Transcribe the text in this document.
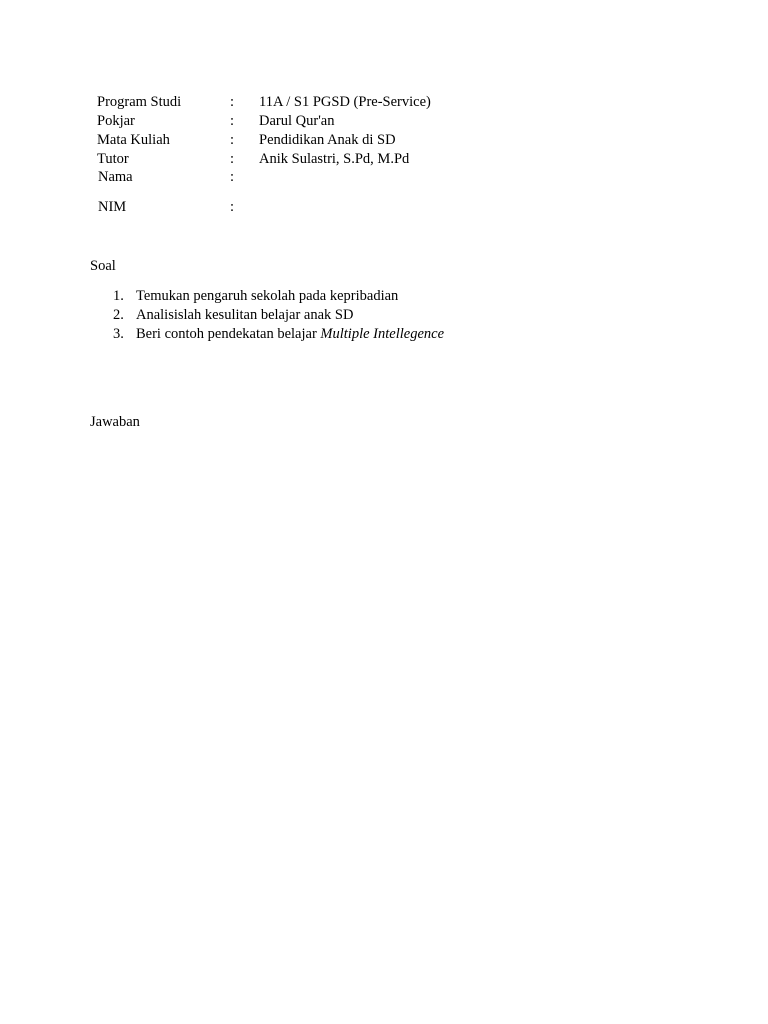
Program Studi	: 11A / S1 PGSD (Pre-Service)
Pokjar	: Darul Qur'an
Mata Kuliah	: Pendidikan Anak di SD
Tutor	: Anik Sulastri, S.Pd, M.Pd
Nama	:
NIM	:
Soal
1. Temukan pengaruh sekolah pada kepribadian
2. Analisislah kesulitan belajar anak SD
3. Beri contoh pendekatan belajar Multiple Intellegence
Jawaban
